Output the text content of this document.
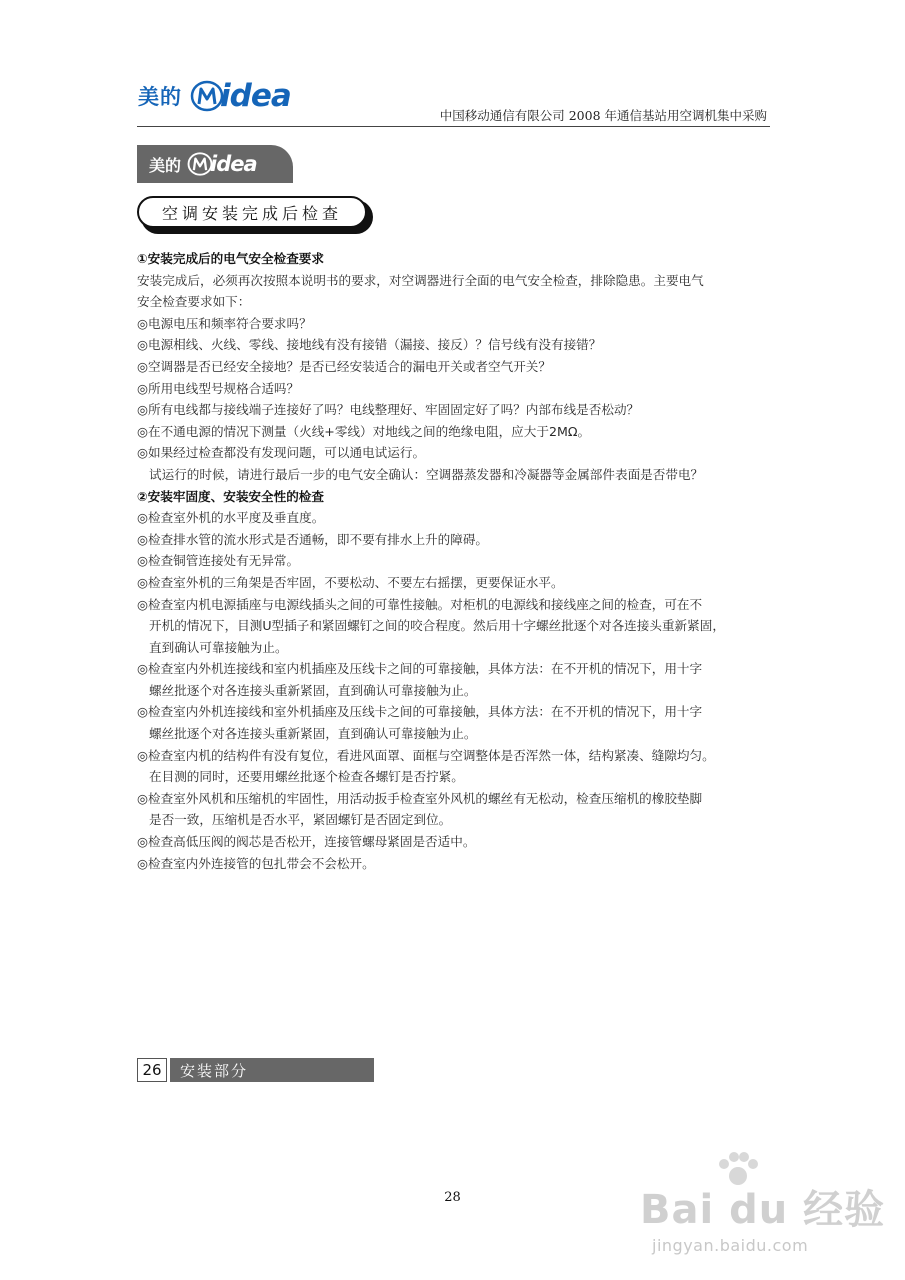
美的 idea
中国移动通信有限公司 2008 年通信基站用空调机集中采购
美的 idea
空调安装完成后检查

①安装完成后的电气安全检查要求

安装完成后，必须再次按照本说明书的要求，对空调器进行全面的电气安全检查，排除隐患。主要电气

安全检查要求如下：

◎电源电压和频率符合要求吗？

◎电源相线、火线、零线、接地线有没有接错（漏接、接反）？信号线有没有接错？

◎空调器是否已经安全接地？是否已经安装适合的漏电开关或者空气开关？

◎所用电线型号规格合适吗？

◎所有电线都与接线端子连接好了吗？电线整理好、牢固固定好了吗？内部布线是否松动？

◎在不通电源的情况下测量（火线+零线）对地线之间的绝缘电阻，应大于2MΩ。

◎如果经过检查都没有发现问题，可以通电试运行。

试运行的时候，请进行最后一步的电气安全确认：空调器蒸发器和冷凝器等金属部件表面是否带电？

②安装牢固度、安装安全性的检查

◎检查室外机的水平度及垂直度。

◎检查排水管的流水形式是否通畅，即不要有排水上升的障碍。

◎检查铜管连接处有无异常。

◎检查室外机的三角架是否牢固，不要松动、不要左右摇摆，更要保证水平。

◎检查室内机电源插座与电源线插头之间的可靠性接触。对柜机的电源线和接线座之间的检查，可在不

开机的情况下，目测U型插子和紧固螺钉之间的咬合程度。然后用十字螺丝批逐个对各连接头重新紧固，

直到确认可靠接触为止。

◎检查室内外机连接线和室内机插座及压线卡之间的可靠接触，具体方法：在不开机的情况下，用十字

螺丝批逐个对各连接头重新紧固，直到确认可靠接触为止。

◎检查室内外机连接线和室外机插座及压线卡之间的可靠接触，具体方法：在不开机的情况下，用十字

螺丝批逐个对各连接头重新紧固，直到确认可靠接触为止。

◎检查室内机的结构件有没有复位，看进风面罩、面框与空调整体是否浑然一体，结构紧凑、缝隙均匀。

在目测的同时，还要用螺丝批逐个检查各螺钉是否拧紧。

◎检查室外风机和压缩机的牢固性，用活动扳手检查室外风机的螺丝有无松动，检查压缩机的橡胶垫脚

是否一致，压缩机是否水平，紧固螺钉是否固定到位。

◎检查高低压阀的阀芯是否松开，连接管螺母紧固是否适中。

◎检查室内外连接管的包扎带会不会松开。

26	安装部分
28	Bai du 经验
jingyan.baidu.com
